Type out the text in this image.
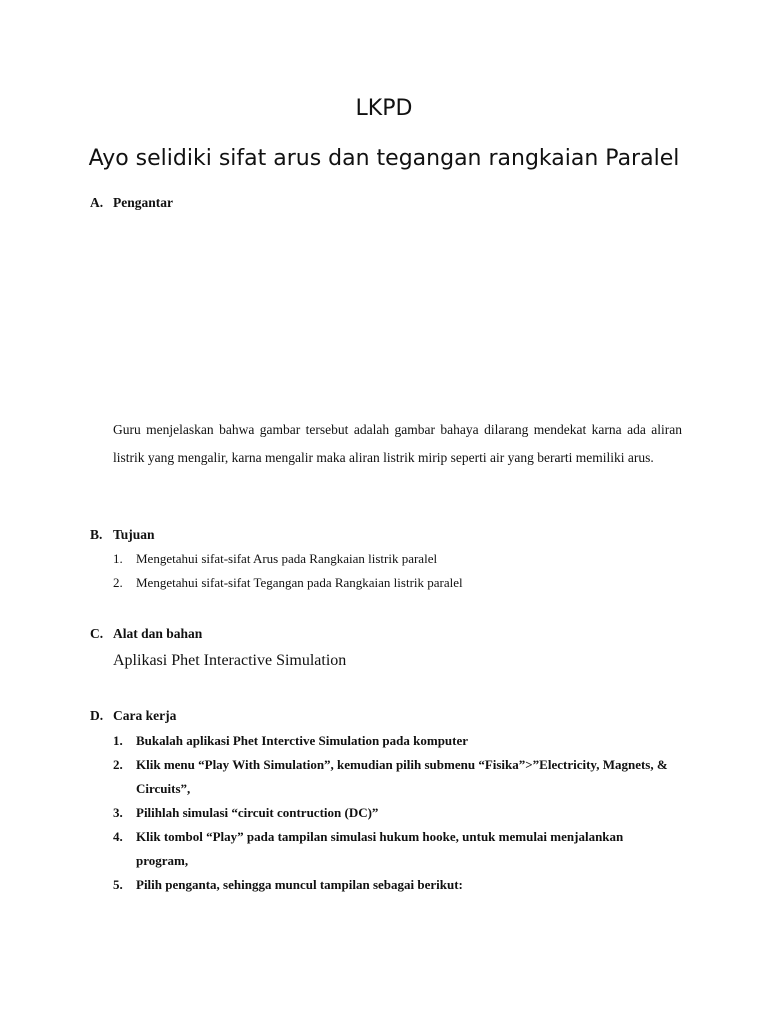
LKPD
Ayo selidiki sifat arus dan tegangan rangkaian Paralel
A. Pengantar
Guru menjelaskan bahwa gambar tersebut adalah gambar bahaya dilarang mendekat karna ada aliran listrik yang mengalir, karna mengalir maka aliran listrik mirip seperti air yang berarti memiliki arus.
B. Tujuan
1. Mengetahui sifat-sifat Arus pada Rangkaian listrik paralel
2. Mengetahui sifat-sifat Tegangan pada Rangkaian listrik paralel
C. Alat dan bahan
Aplikasi Phet Interactive Simulation
D. Cara kerja
1. Bukalah aplikasi Phet Interctive Simulation pada komputer
2. Klik menu “Play With Simulation”, kemudian pilih submenu “Fisika”>”Electricity, Magnets, & Circuits”,
3. Pilihlah simulasi “circuit contruction (DC)”
4. Klik tombol “Play” pada tampilan simulasi hukum hooke, untuk memulai menjalankan program,
5. Pilih penganta, sehingga muncul tampilan sebagai berikut:
